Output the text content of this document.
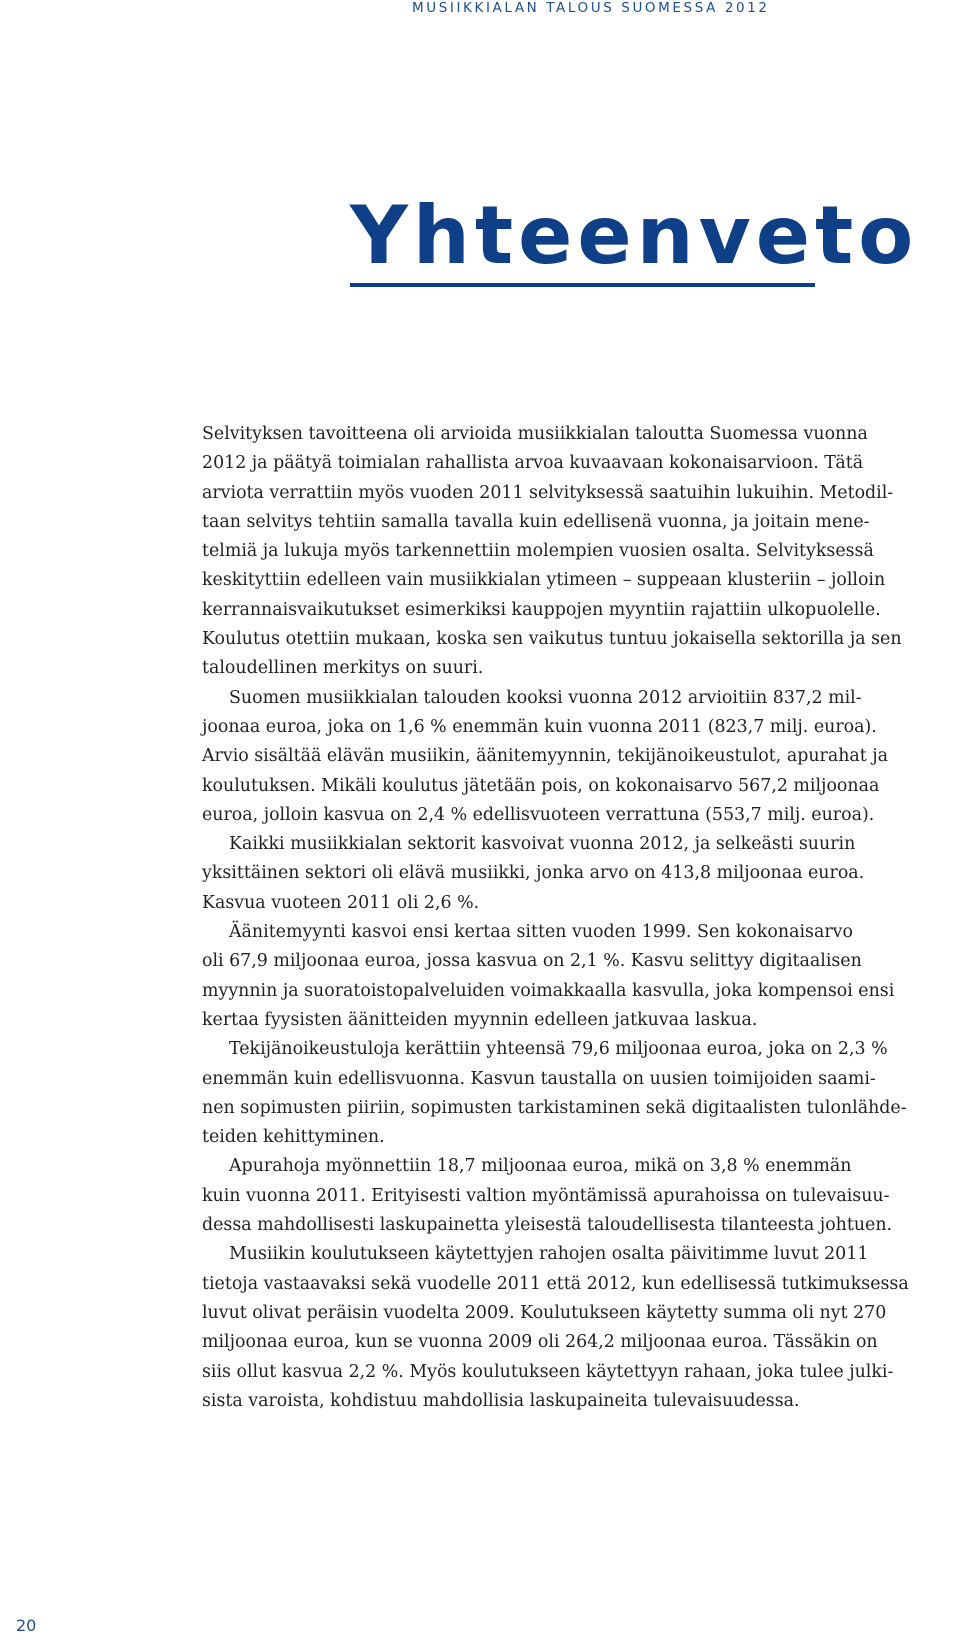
MUSIIKKIALAN TALOUS SUOMESSA 2012
Yhteenveto

Selvityksen tavoitteena oli arvioida musiikkialan taloutta Suomessa vuonna
2012 ja päätyä toimialan rahallista arvoa kuvaavaan kokonaisarvioon. Tätä
arviota verrattiin myös vuoden 2011 selvityksessä saatuihin lukuihin. Metodil-
taan selvitys tehtiin samalla tavalla kuin edellisenä vuonna, ja joitain mene-
telmiä ja lukuja myös tarkennettiin molempien vuosien osalta. Selvityksessä
keskityttiin edelleen vain musiikkialan ytimeen – suppeaan klusteriin – jolloin
kerrannaisvaikutukset esimerkiksi kauppojen myyntiin rajattiin ulkopuolelle.
Koulutus otettiin mukaan, koska sen vaikutus tuntuu jokaisella sektorilla ja sen
taloudellinen merkitys on suuri.

Suomen musiikkialan talouden kooksi vuonna 2012 arvioitiin 837,2 mil-
joonaa euroa, joka on 1,6 % enemmän kuin vuonna 2011 (823,7 milj. euroa).
Arvio sisältää elävän musiikin, äänitemyynnin, tekijänoikeustulot, apurahat ja
koulutuksen. Mikäli koulutus jätetään pois, on kokonaisarvo 567,2 miljoonaa
euroa, jolloin kasvua on 2,4 % edellisvuoteen verrattuna (553,7 milj. euroa).

Kaikki musiikkialan sektorit kasvoivat vuonna 2012, ja selkeästi suurin
yksittäinen sektori oli elävä musiikki, jonka arvo on 413,8 miljoonaa euroa.
Kasvua vuoteen 2011 oli 2,6 %.

Äänitemyynti kasvoi ensi kertaa sitten vuoden 1999. Sen kokonaisarvo
oli 67,9 miljoonaa euroa, jossa kasvua on 2,1 %. Kasvu selittyy digitaalisen
myynnin ja suoratoistopalveluiden voimakkaalla kasvulla, joka kompensoi ensi
kertaa fyysisten äänitteiden myynnin edelleen jatkuvaa laskua.

Tekijänoikeustuloja kerättiin yhteensä 79,6 miljoonaa euroa, joka on 2,3 %
enemmän kuin edellisvuonna. Kasvun taustalla on uusien toimijoiden saami-
nen sopimusten piiriin, sopimusten tarkistaminen sekä digitaalisten tulonlähde-
teiden kehittyminen.

Apurahoja myönnettiin 18,7 miljoonaa euroa, mikä on 3,8 % enemmän
kuin vuonna 2011. Erityisesti valtion myöntämissä apurahoissa on tulevaisuu-
dessa mahdollisesti laskupainetta yleisestä taloudellisesta tilanteesta johtuen.

Musiikin koulutukseen käytettyjen rahojen osalta päivitimme luvut 2011
tietoja vastaavaksi sekä vuodelle 2011 että 2012, kun edellisessä tutkimuksessa
luvut olivat peräisin vuodelta 2009. Koulutukseen käytetty summa oli nyt 270
miljoonaa euroa, kun se vuonna 2009 oli 264,2 miljoonaa euroa. Tässäkin on
siis ollut kasvua 2,2 %. Myös koulutukseen käytettyyn rahaan, joka tulee julki-
sista varoista, kohdistuu mahdollisia laskupaineita tulevaisuudessa.

20
